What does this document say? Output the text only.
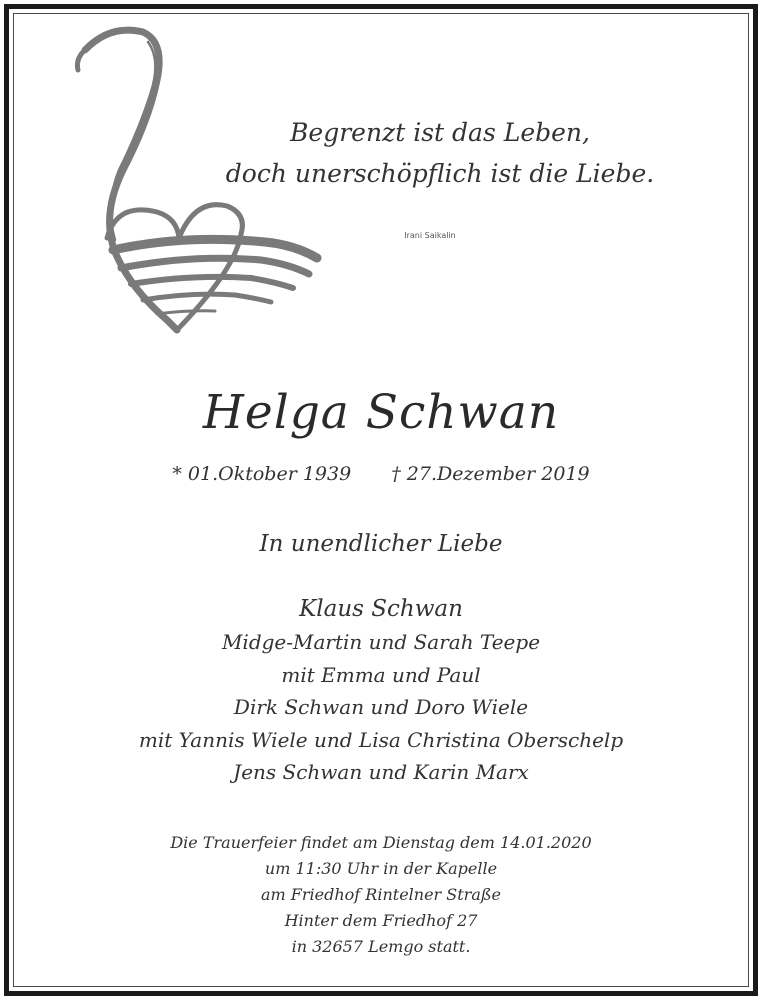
Begrenzt ist das Leben,
doch unerschöpflich ist die Liebe.
Irani Saikalin
Helga Schwan
* 01.Oktober 1939 † 27.Dezember 2019
In unendlicher Liebe
Klaus Schwan
Midge-Martin und Sarah Teepe
mit Emma und Paul
Dirk Schwan und Doro Wiele
mit Yannis Wiele und Lisa Christina Oberschelp
Jens Schwan und Karin Marx
Die Trauerfeier findet am Dienstag dem 14.01.2020
um 11:30 Uhr in der Kapelle
am Friedhof Rintelner Straße
Hinter dem Friedhof 27
in 32657 Lemgo statt.
